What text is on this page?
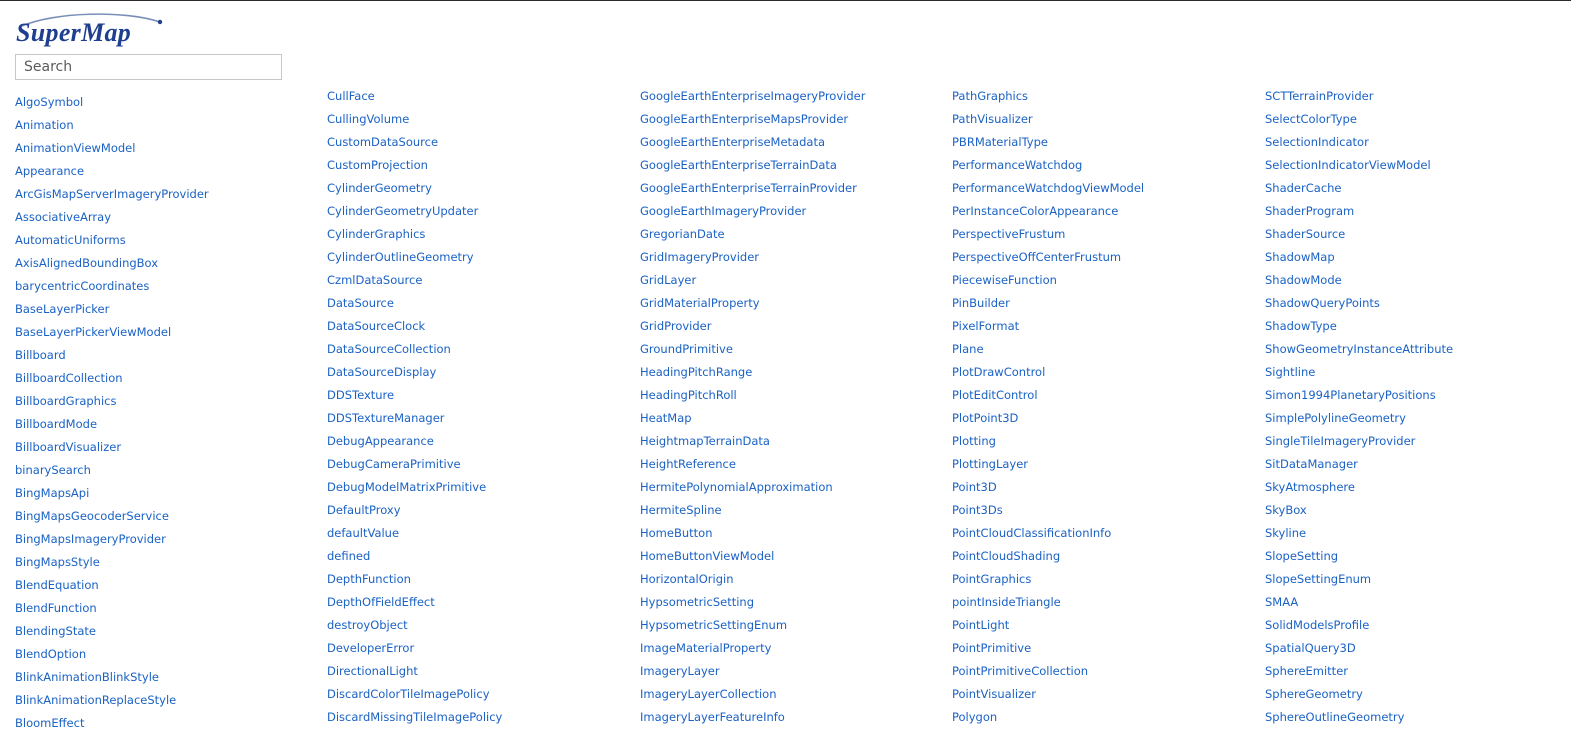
SuperMap
Search
AlgoSymbol
Animation
AnimationViewModel
Appearance
ArcGisMapServerImageryProvider
AssociativeArray
AutomaticUniforms
AxisAlignedBoundingBox
barycentricCoordinates
BaseLayerPicker
BaseLayerPickerViewModel
Billboard
BillboardCollection
BillboardGraphics
BillboardMode
BillboardVisualizer
binarySearch
BingMapsApi
BingMapsGeocoderService
BingMapsImageryProvider
BingMapsStyle
BlendEquation
BlendFunction
BlendingState
BlendOption
BlinkAnimationBlinkStyle
BlinkAnimationReplaceStyle
BloomEffect
CullFace
CullingVolume
CustomDataSource
CustomProjection
CylinderGeometry
CylinderGeometryUpdater
CylinderGraphics
CylinderOutlineGeometry
CzmlDataSource
DataSource
DataSourceClock
DataSourceCollection
DataSourceDisplay
DDSTexture
DDSTextureManager
DebugAppearance
DebugCameraPrimitive
DebugModelMatrixPrimitive
DefaultProxy
defaultValue
defined
DepthFunction
DepthOfFieldEffect
destroyObject
DeveloperError
DirectionalLight
DiscardColorTileImagePolicy
DiscardMissingTileImagePolicy
GoogleEarthEnterpriseImageryProvider
GoogleEarthEnterpriseMapsProvider
GoogleEarthEnterpriseMetadata
GoogleEarthEnterpriseTerrainData
GoogleEarthEnterpriseTerrainProvider
GoogleEarthImageryProvider
GregorianDate
GridImageryProvider
GridLayer
GridMaterialProperty
GridProvider
GroundPrimitive
HeadingPitchRange
HeadingPitchRoll
HeatMap
HeightmapTerrainData
HeightReference
HermitePolynomialApproximation
HermiteSpline
HomeButton
HomeButtonViewModel
HorizontalOrigin
HypsometricSetting
HypsometricSettingEnum
ImageMaterialProperty
ImageryLayer
ImageryLayerCollection
ImageryLayerFeatureInfo
PathGraphics
PathVisualizer
PBRMaterialType
PerformanceWatchdog
PerformanceWatchdogViewModel
PerInstanceColorAppearance
PerspectiveFrustum
PerspectiveOffCenterFrustum
PiecewiseFunction
PinBuilder
PixelFormat
Plane
PlotDrawControl
PlotEditControl
PlotPoint3D
Plotting
PlottingLayer
Point3D
Point3Ds
PointCloudClassificationInfo
PointCloudShading
PointGraphics
pointInsideTriangle
PointLight
PointPrimitive
PointPrimitiveCollection
PointVisualizer
Polygon
SCTTerrainProvider
SelectColorType
SelectionIndicator
SelectionIndicatorViewModel
ShaderCache
ShaderProgram
ShaderSource
ShadowMap
ShadowMode
ShadowQueryPoints
ShadowType
ShowGeometryInstanceAttribute
Sightline
Simon1994PlanetaryPositions
SimplePolylineGeometry
SingleTileImageryProvider
SitDataManager
SkyAtmosphere
SkyBox
Skyline
SlopeSetting
SlopeSettingEnum
SMAA
SolidModelsProfile
SpatialQuery3D
SphereEmitter
SphereGeometry
SphereOutlineGeometry
